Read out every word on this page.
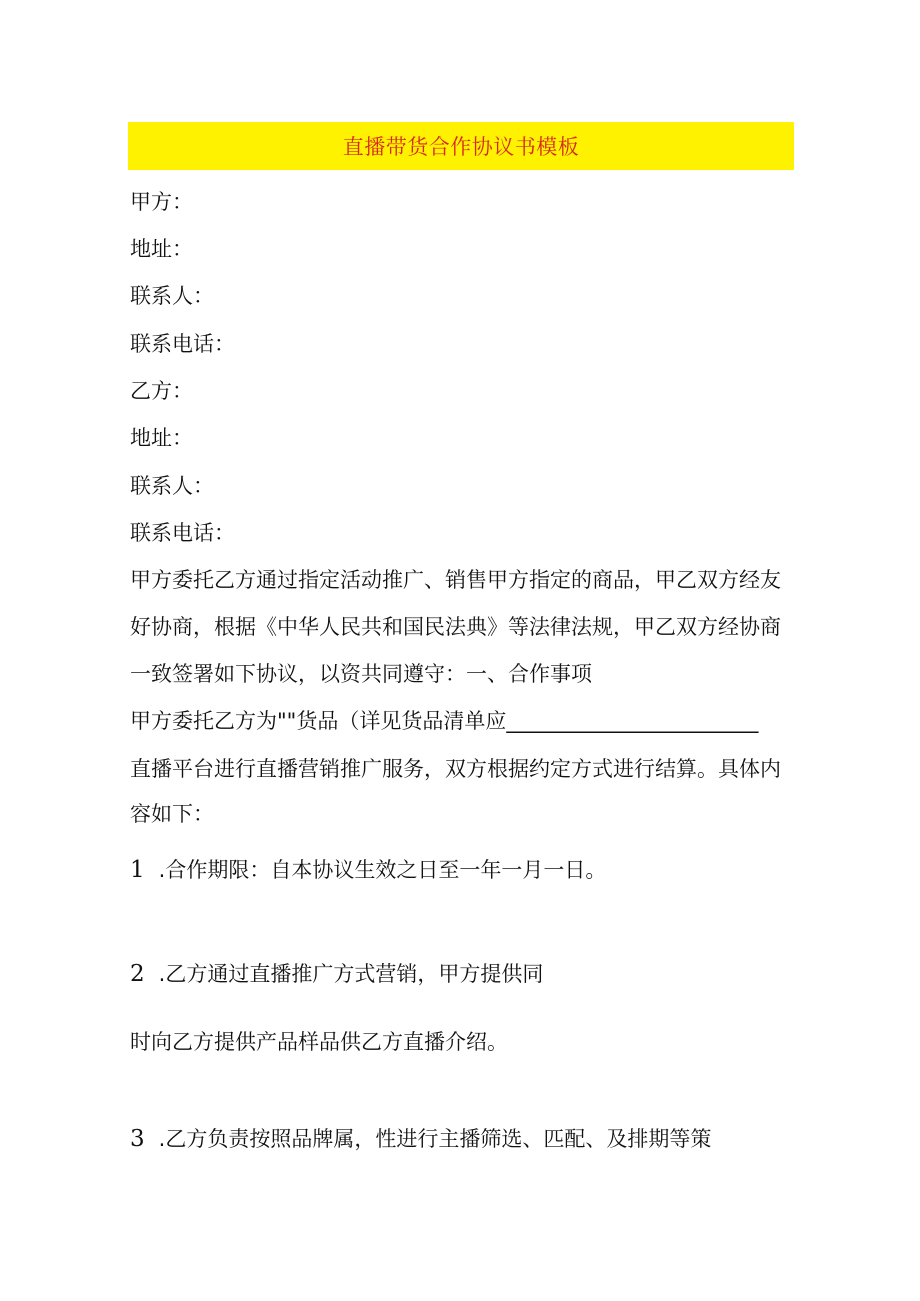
直播带货合作协议书模板
甲方：
地址：
联系人：
联系电话：
乙方：
地址：
联系人：
联系电话：
甲方委托乙方通过指定活动推广、销售甲方指定的商品，甲乙双方经友
好协商，根据《中华人民共和国民法典》等法律法规，甲乙双方经协商
一致签署如下协议，以资共同遵守：一、合作事项
甲方委托乙方为""货品（详见货品清单应________________________
直播平台进行直播营销推广服务，双方根据约定方式进行结算。具体内
容如下：
1 .合作期限：自本协议生效之日至一年一月一日。
2 .乙方通过直播推广方式营销，甲方提供同
时向乙方提供产品样品供乙方直播介绍。
3 .乙方负责按照品牌属，性进行主播筛选、匹配、及排期等策
